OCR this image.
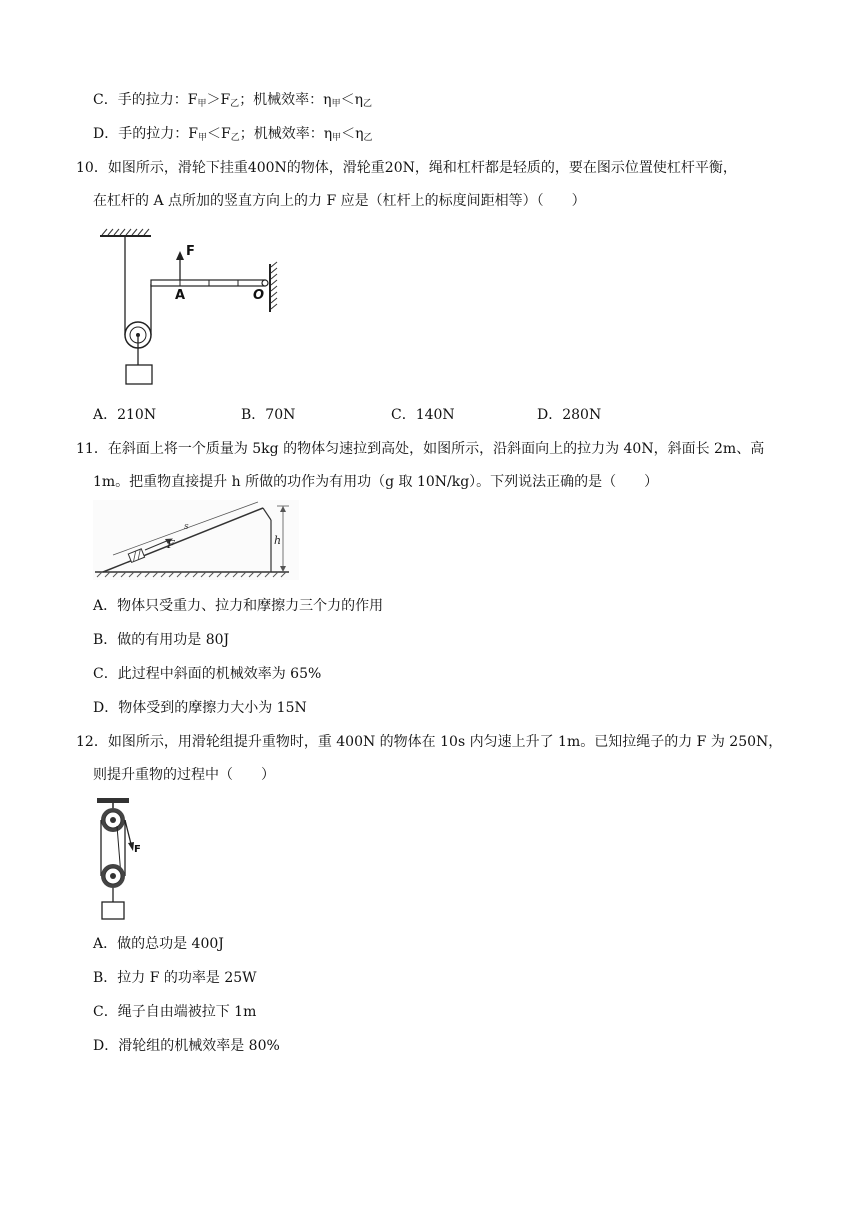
C．手的拉力：$F_甲>F_乙$；机械效率：$\eta_甲<\eta_乙$
D．手的拉力：$F_甲<F_乙$；机械效率：$\eta_甲<\eta_乙$
10．如图所示，滑轮下挂重400N的物体，滑轮重20N，绳和杠杆都是轻质的，要在图示位置使杠杆平衡，
在杠杆的 A 点所加的竖直方向上的力 F 应是（杠杆上的标度间距相等）（　　）
F
A	O
A．210N	B．70N	C．140N	D．280N
11．在斜面上将一个质量为 5kg 的物体匀速拉到高处，如图所示，沿斜面向上的拉力为 40N，斜面长 2m、高
1m。把重物直接提升 h 所做的功作为有用功（g 取 10N/kg）。下列说法正确的是（　　）
s
F	h
A．物体只受重力、拉力和摩擦力三个力的作用
B．做的有用功是 80J
C．此过程中斜面的机械效率为 65%
D．物体受到的摩擦力大小为 15N
12．如图所示，用滑轮组提升重物时，重 400N 的物体在 10s 内匀速上升了 1m。已知拉绳子的力 F 为 250N，
则提升重物的过程中（　　）
F
A．做的总功是 400J
B．拉力 F 的功率是 25W
C．绳子自由端被拉下 1m
D．滑轮组的机械效率是 80%
